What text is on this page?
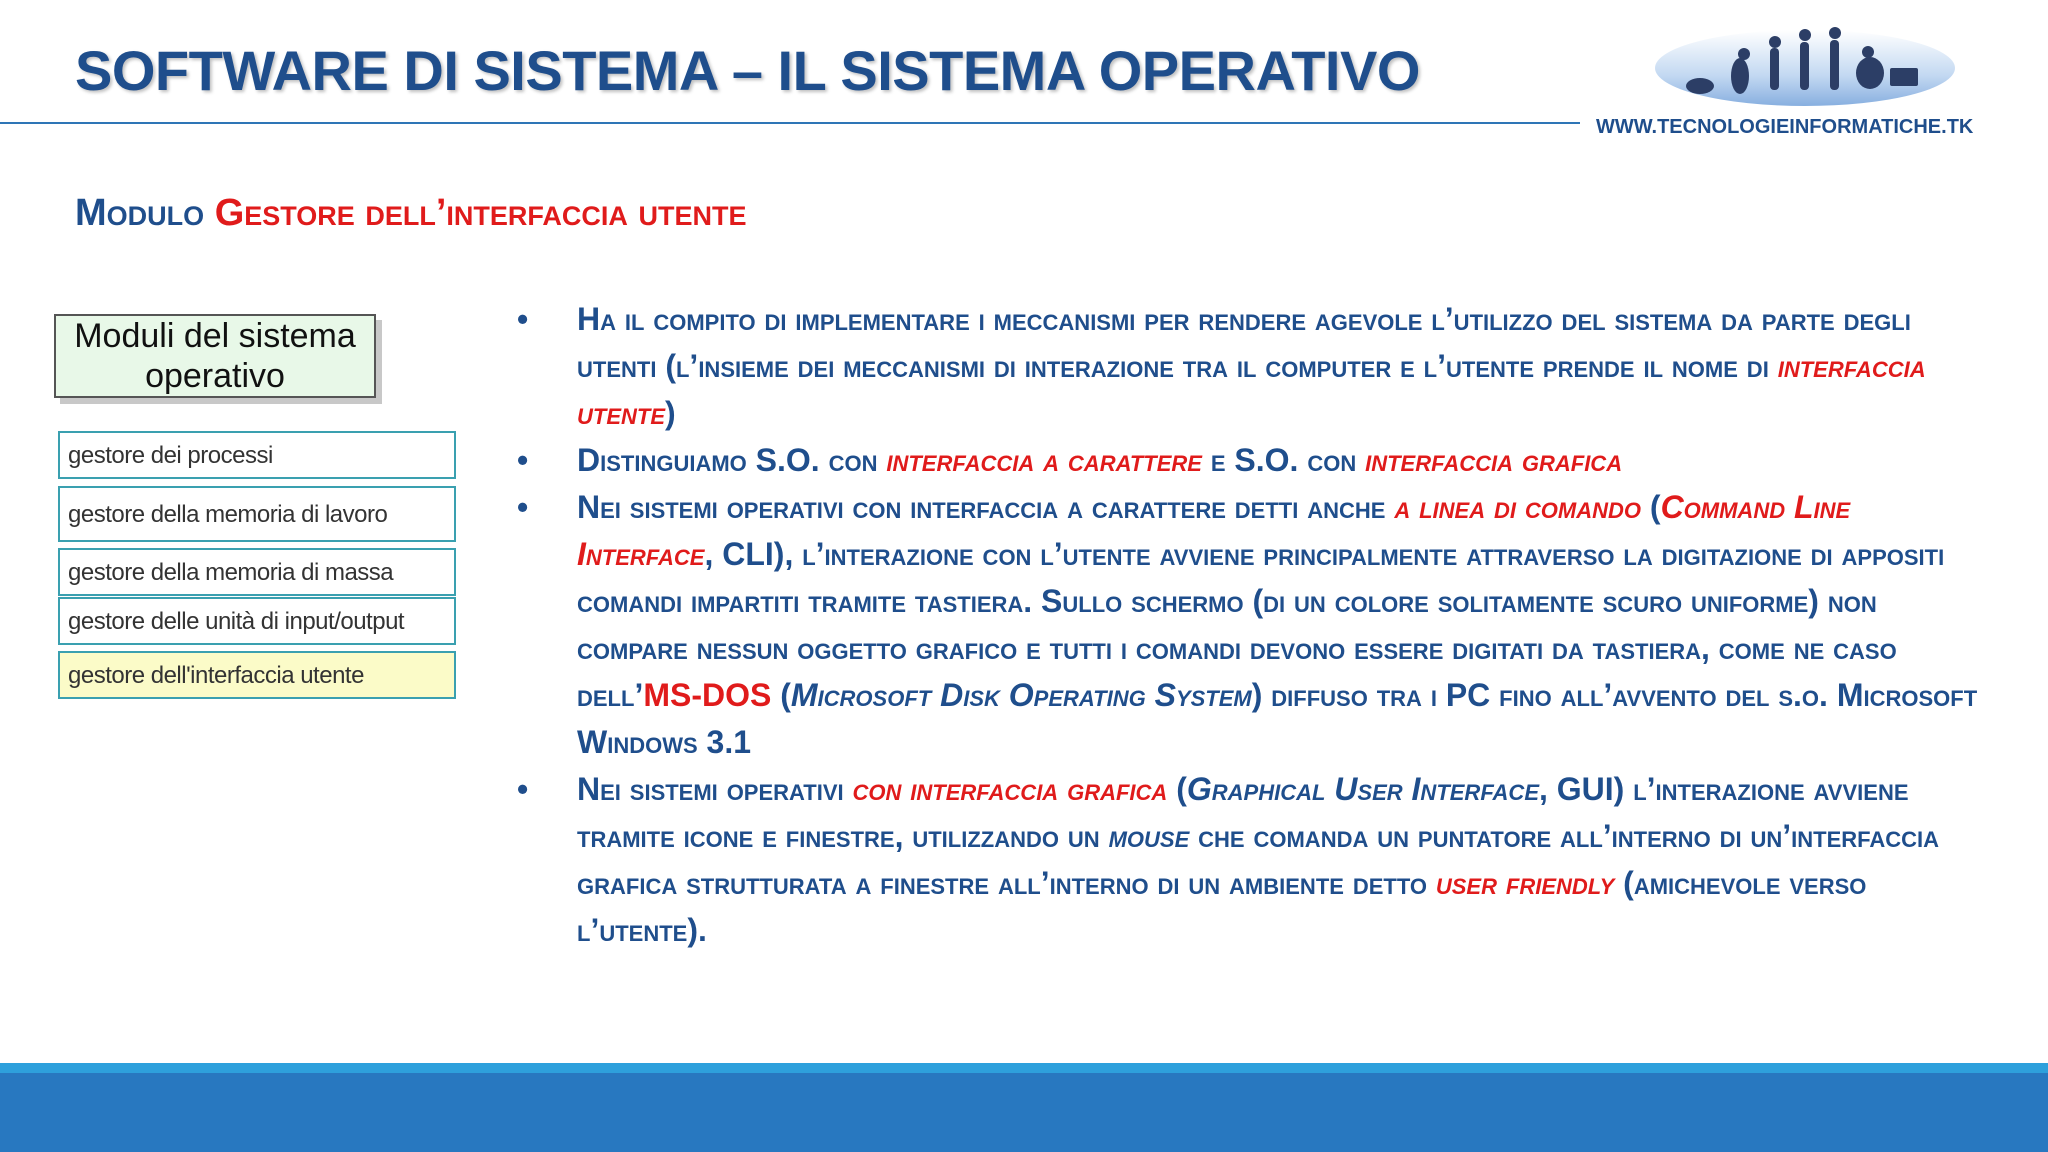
SOFTWARE DI SISTEMA – IL SISTEMA OPERATIVO
WWW.TECNOLOGIEINFORMATICHE.TK
Modulo Gestore dell’interfaccia utente
Moduli del sistema operativo
gestore dei processi
gestore della memoria di lavoro
gestore della memoria di massa
gestore delle unità di input/output
gestore dell'interfaccia utente
• Ha il compito di implementare i meccanismi per rendere agevole l’utilizzo del sistema da parte degli utenti (l’insieme dei meccanismi di interazione tra il computer e l’utente prende il nome di interfaccia utente)
• Distinguiamo S.O. con interfaccia a carattere e S.O. con interfaccia grafica
• Nei sistemi operativi con interfaccia a carattere detti anche a linea di comando (Command Line Interface, CLI), l’interazione con l’utente avviene principalmente attraverso la digitazione di appositi comandi impartiti tramite tastiera. Sullo schermo (di un colore solitamente scuro uniforme) non compare nessun oggetto grafico e tutti i comandi devono essere digitati da tastiera, come ne caso dell’MS-DOS (Microsoft Disk Operating System) diffuso tra i PC fino all’avvento del s.o. Microsoft Windows 3.1
• Nei sistemi operativi con interfaccia grafica (Graphical User Interface, GUI) l’interazione avviene tramite icone e finestre, utilizzando un mouse che comanda un puntatore all’interno di un’interfaccia grafica strutturata a finestre all’interno di un ambiente detto user friendly (amichevole verso l’utente).
